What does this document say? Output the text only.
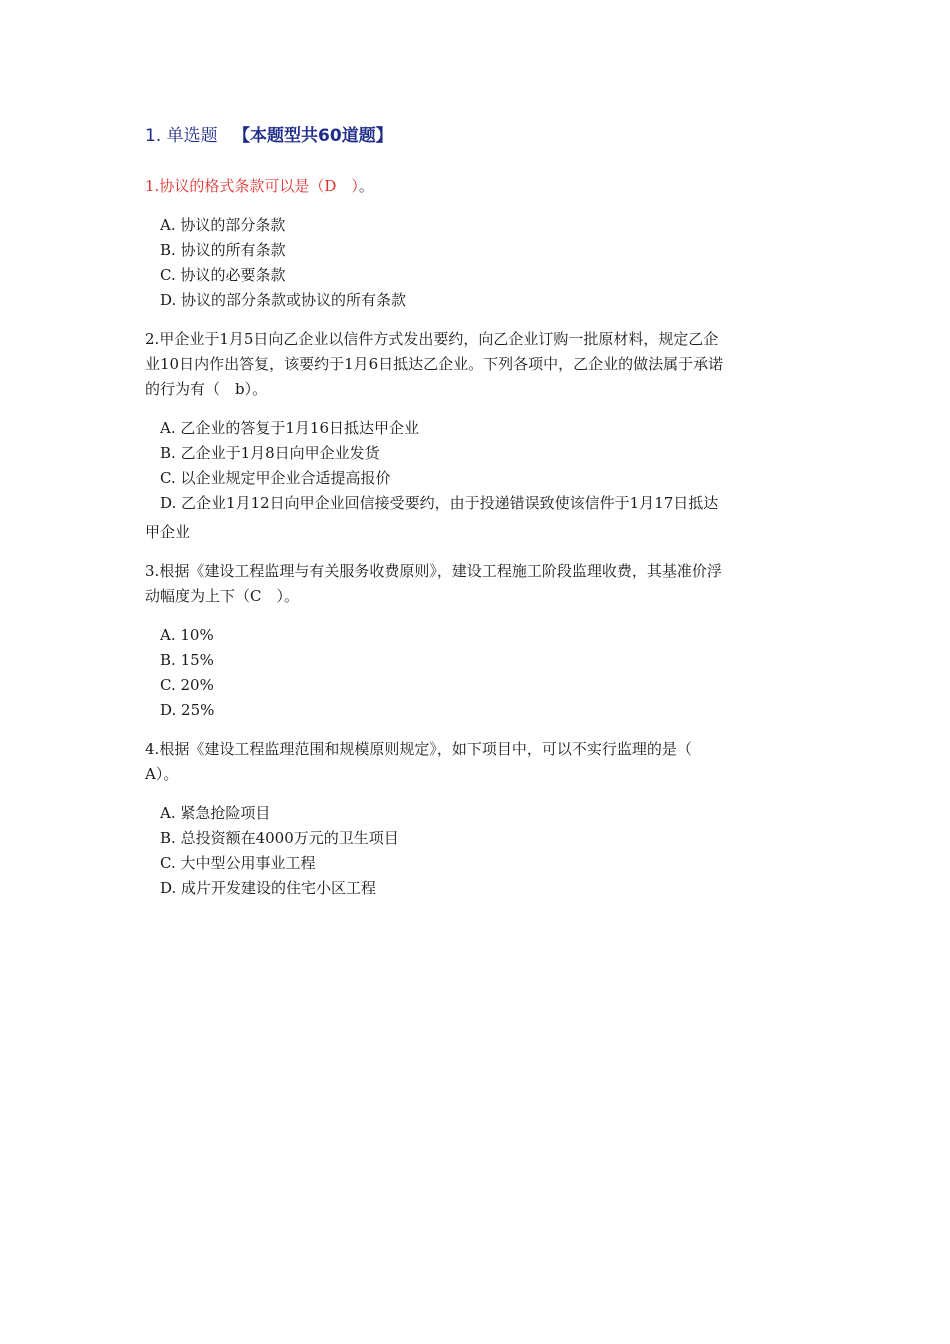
1. 单选题 【本题型共60道题】

1.协议的格式条款可以是（D　）。

A. 协议的部分条款
B. 协议的所有条款
C. 协议的必要条款
D. 协议的部分条款或协议的所有条款

2.甲企业于1月5日向乙企业以信件方式发出要约，向乙企业订购一批原材料，规定乙企
业10日内作出答复，该要约于1月6日抵达乙企业。下列各项中，乙企业的做法属于承诺
的行为有（　b）。

A. 乙企业的答复于1月16日抵达甲企业
B. 乙企业于1月8日向甲企业发货
C. 以企业规定甲企业合适提高报价
D. 乙企业1月12日向甲企业回信接受要约，由于投递错误致使该信件于1月17日抵达
甲企业

3.根据《建设工程监理与有关服务收费原则》，建设工程施工阶段监理收费，其基准价浮
动幅度为上下（C　）。

A. 10%
B. 15%
C. 20%
D. 25%

4.根据《建设工程监理范围和规模原则规定》，如下项目中，可以不实行监理的是（
A）。

A. 紧急抢险项目
B. 总投资额在4000万元的卫生项目
C. 大中型公用事业工程
D. 成片开发建设的住宅小区工程
